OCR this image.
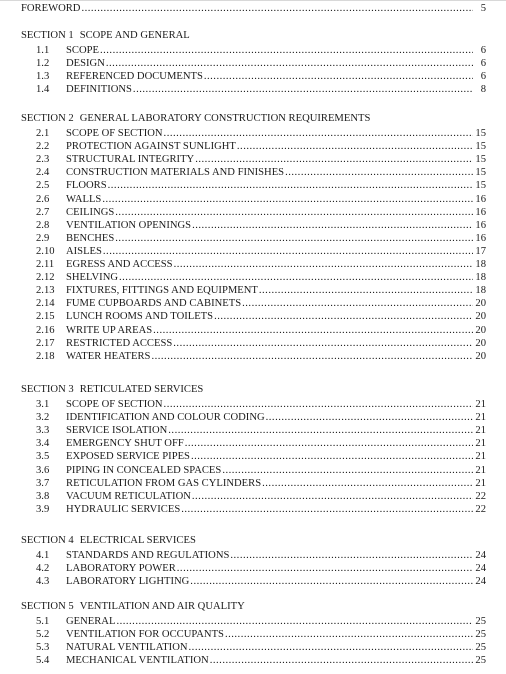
FOREWORD .....	5
SECTION 1 SCOPE AND GENERAL
1.1	SCOPE .....	6
1.2	DESIGN .....	6
1.3	REFERENCED DOCUMENTS .....	6
1.4	DEFINITIONS .....	8
SECTION 2 GENERAL LABORATORY CONSTRUCTION REQUIREMENTS
2.1	SCOPE OF SECTION .....	15
2.2	PROTECTION AGAINST SUNLIGHT .....	15
2.3	STRUCTURAL INTEGRITY .....	15
2.4	CONSTRUCTION MATERIALS AND FINISHES .....	15
2.5	FLOORS .....	15
2.6	WALLS .....	16
2.7	CEILINGS .....	16
2.8	VENTILATION OPENINGS .....	16
2.9	BENCHES .....	16
2.10	AISLES .....	17
2.11	EGRESS AND ACCESS .....	18
2.12	SHELVING .....	18
2.13	FIXTURES, FITTINGS AND EQUIPMENT .....	18
2.14	FUME CUPBOARDS AND CABINETS .....	20
2.15	LUNCH ROOMS AND TOILETS .....	20
2.16	WRITE UP AREAS .....	20
2.17	RESTRICTED ACCESS .....	20
2.18	WATER HEATERS .....	20
SECTION 3 RETICULATED SERVICES
3.1	SCOPE OF SECTION .....	21
3.2	IDENTIFICATION AND COLOUR CODING .....	21
3.3	SERVICE ISOLATION .....	21
3.4	EMERGENCY SHUT OFF .....	21
3.5	EXPOSED SERVICE PIPES .....	21
3.6	PIPING IN CONCEALED SPACES .....	21
3.7	RETICULATION FROM GAS CYLINDERS .....	21
3.8	VACUUM RETICULATION .....	22
3.9	HYDRAULIC SERVICES .....	22
SECTION 4 ELECTRICAL SERVICES
4.1	STANDARDS AND REGULATIONS .....	24
4.2	LABORATORY POWER .....	24
4.3	LABORATORY LIGHTING .....	24
SECTION 5 VENTILATION AND AIR QUALITY
5.1	GENERAL .....	25
5.2	VENTILATION FOR OCCUPANTS .....	25
5.3	NATURAL VENTILATION .....	25
5.4	MECHANICAL VENTILATION .....	25
